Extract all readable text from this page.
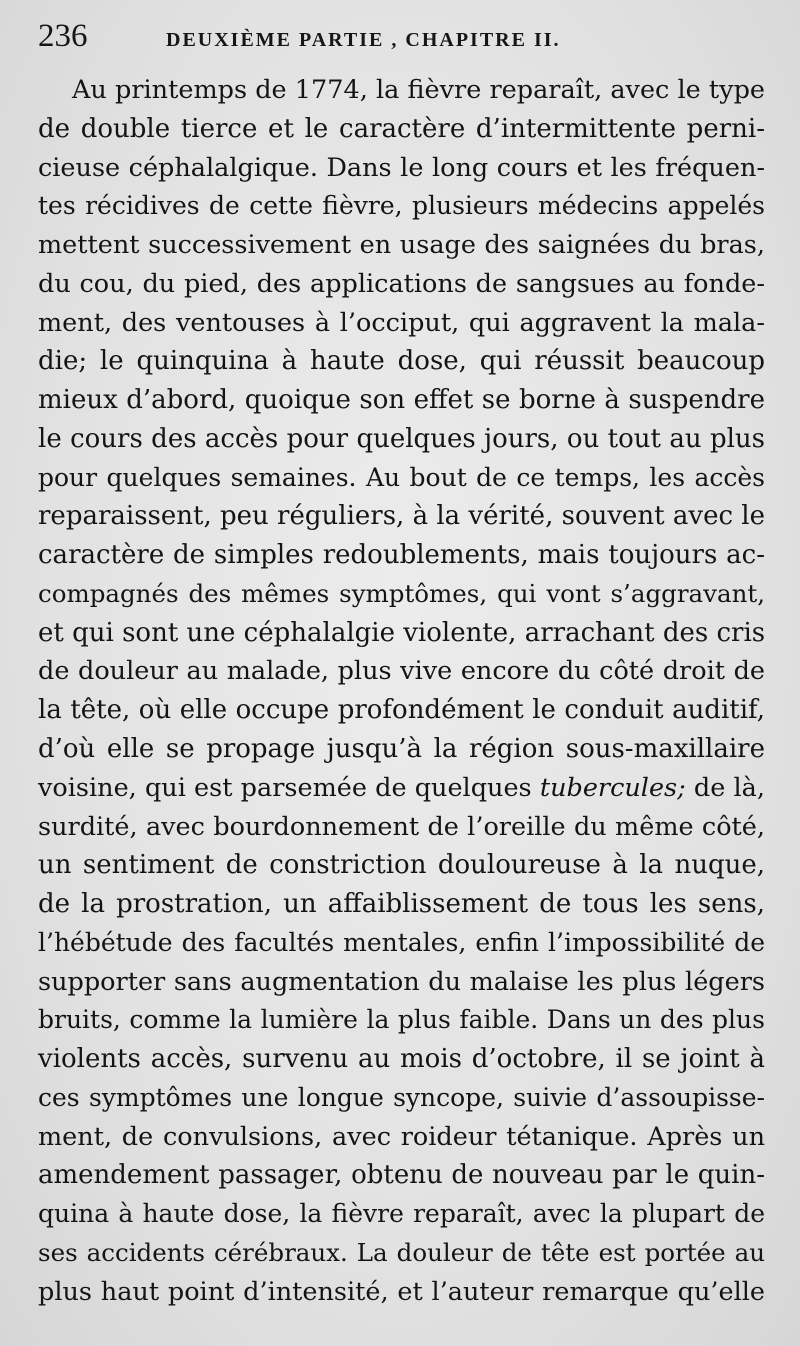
236	DEUXIÈME PARTIE , CHAPITRE II.
Au printemps de 1774, la fièvre reparaît, avec le type
de double tierce et le caractère d’intermittente perni-
cieuse céphalalgique. Dans le long cours et les fréquen-
tes récidives de cette fièvre, plusieurs médecins appelés
mettent successivement en usage des saignées du bras,
du cou, du pied, des applications de sangsues au fonde-
ment, des ventouses à l’occiput, qui aggravent la mala-
die; le quinquina à haute dose, qui réussit beaucoup
mieux d’abord, quoique son effet se borne à suspendre
le cours des accès pour quelques jours, ou tout au plus
pour quelques semaines. Au bout de ce temps, les accès
reparaissent, peu réguliers, à la vérité, souvent avec le
caractère de simples redoublements, mais toujours ac-
compagnés des mêmes symptômes, qui vont s’aggravant,
et qui sont une céphalalgie violente, arrachant des cris
de douleur au malade, plus vive encore du côté droit de
la tête, où elle occupe profondément le conduit auditif,
d’où elle se propage jusqu’à la région sous-maxillaire
voisine, qui est parsemée de quelques tubercules; de là,
surdité, avec bourdonnement de l’oreille du même côté,
un sentiment de constriction douloureuse à la nuque,
de la prostration, un affaiblissement de tous les sens,
l’hébétude des facultés mentales, enfin l’impossibilité de
supporter sans augmentation du malaise les plus légers
bruits, comme la lumière la plus faible. Dans un des plus
violents accès, survenu au mois d’octobre, il se joint à
ces symptômes une longue syncope, suivie d’assoupisse-
ment, de convulsions, avec roideur tétanique. Après un
amendement passager, obtenu de nouveau par le quin-
quina à haute dose, la fièvre reparaît, avec la plupart de
ses accidents cérébraux. La douleur de tête est portée au
plus haut point d’intensité, et l’auteur remarque qu’elle
